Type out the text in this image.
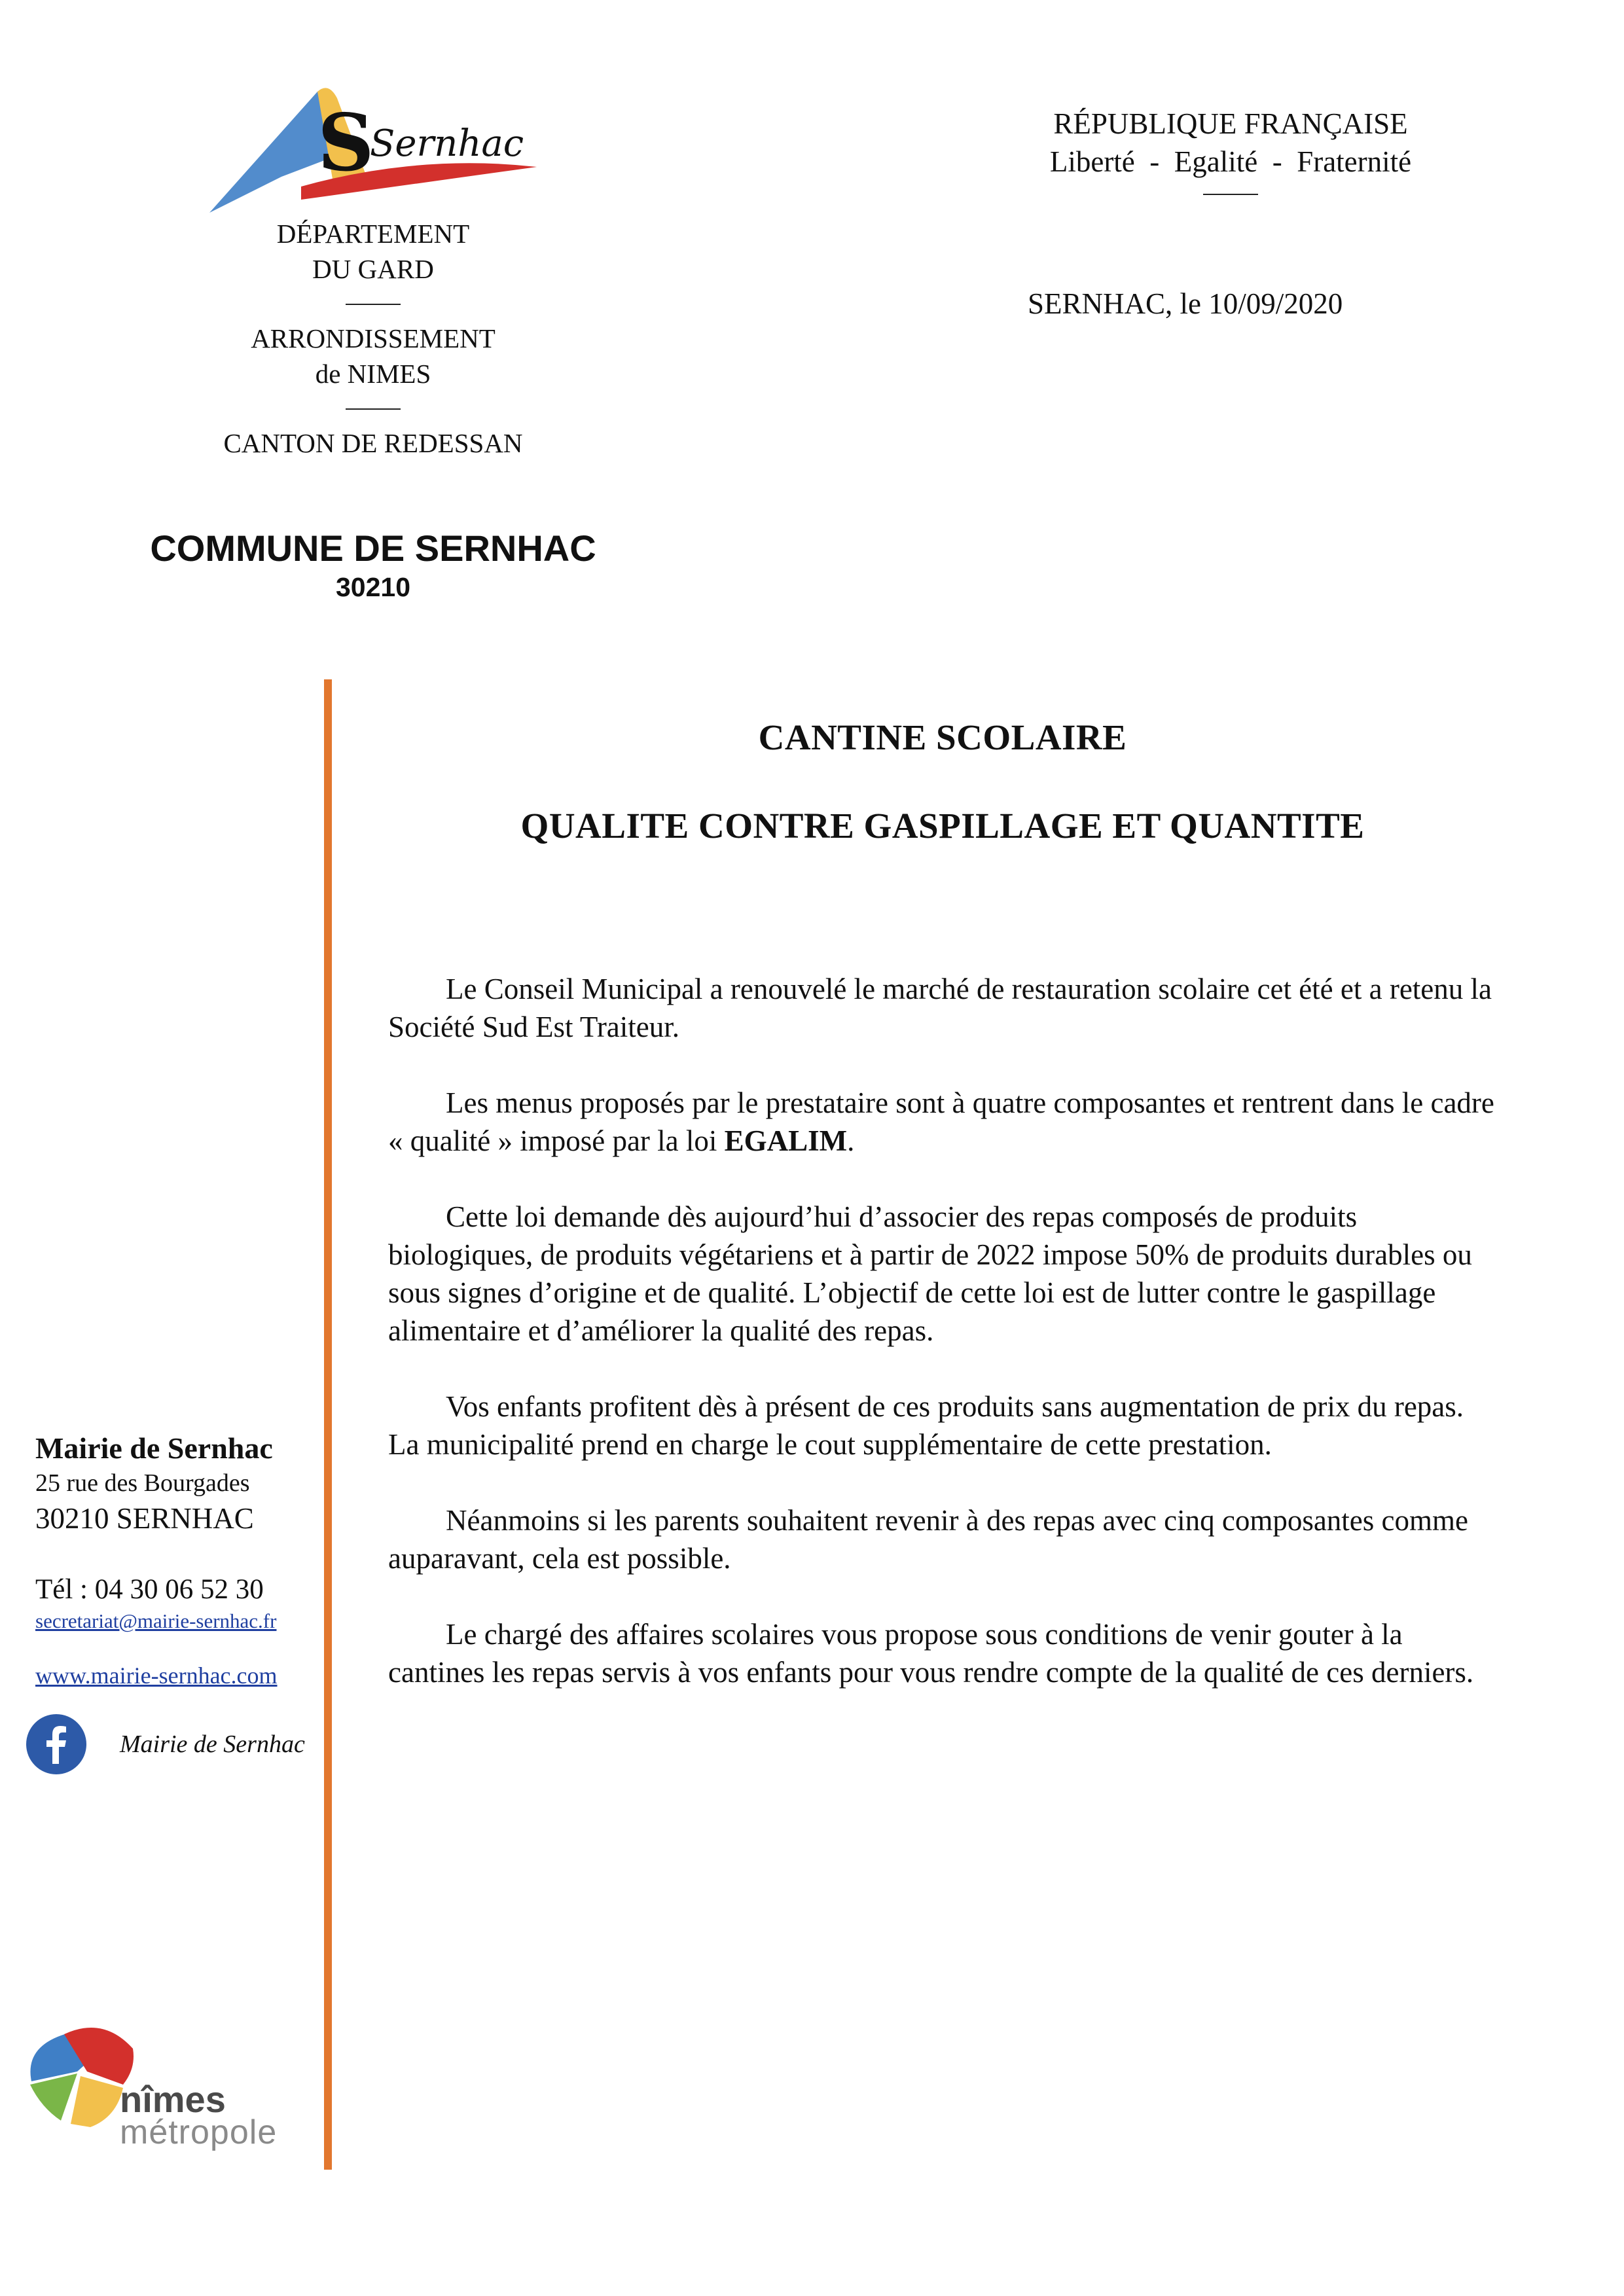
S
Sernhac
DÉPARTEMENT
DU GARD
ARRONDISSEMENT
de NIMES
CANTON DE REDESSAN
COMMUNE DE SERNHAC
30210
RÉPUBLIQUE FRANÇAISE
Liberté  -  Egalité  -  Fraternité
SERNHAC, le 10/09/2020
CANTINE SCOLAIRE
QUALITE CONTRE GASPILLAGE ET QUANTITE

Le Conseil Municipal a renouvelé le marché de restauration scolaire cet été et a retenu la Société Sud Est Traiteur.

Les menus proposés par le prestataire sont à quatre composantes et rentrent dans le cadre « qualité » imposé par la loi EGALIM.

Cette loi demande dès aujourd’hui d’associer des repas composés de produits biologiques, de produits végétariens et à partir de 2022 impose 50% de produits durables ou sous signes d’origine et de qualité. L’objectif de cette loi est de lutter contre le gaspillage alimentaire et d’améliorer la qualité des repas.

Vos enfants profitent dès à présent de ces produits sans augmentation de prix du repas. La municipalité prend en charge le cout supplémentaire de cette prestation.

Néanmoins si les parents souhaitent revenir à des repas avec cinq composantes comme auparavant, cela est possible.

Le chargé des affaires scolaires vous propose sous conditions de venir gouter à la cantines les repas servis à vos enfants pour vous rendre compte de la qualité de ces derniers.

Mairie de Sernhac
25 rue des Bourgades
30210 SERNHAC
Tél : 04 30 06 52 30
secretariat@mairie-sernhac.fr
www.mairie-sernhac.com
Mairie de Sernhac
nîmes
métropole
